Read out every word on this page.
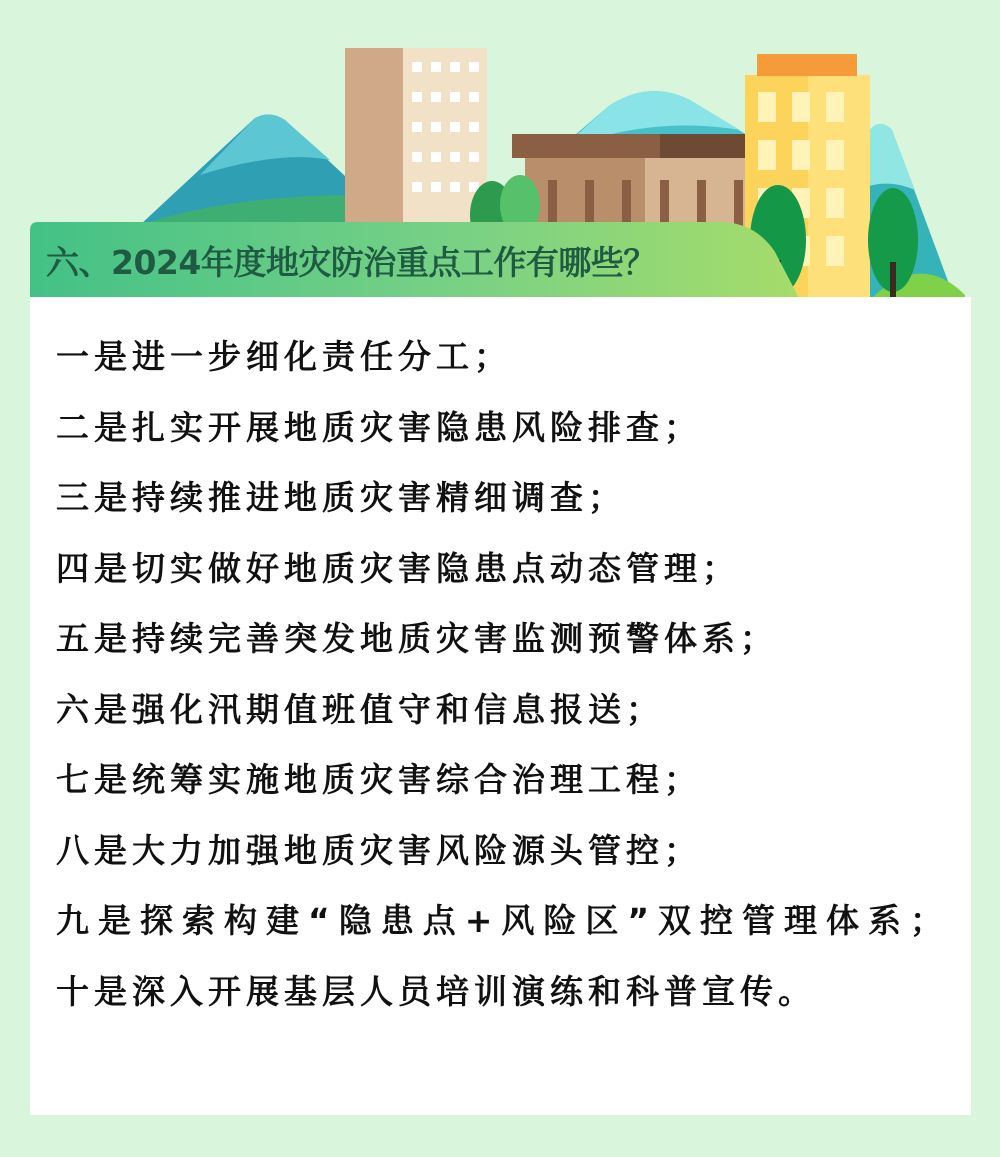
六、2024年度地灾防治重点工作有哪些？
一是进一步细化责任分工；
二是扎实开展地质灾害隐患风险排查；
三是持续推进地质灾害精细调查；
四是切实做好地质灾害隐患点动态管理；
五是持续完善突发地质灾害监测预警体系；
六是强化汛期值班值守和信息报送；
七是统筹实施地质灾害综合治理工程；
八是大力加强地质灾害风险源头管控；
九是探索构建“隐患点+风险区”双控管理体系；
十是深入开展基层人员培训演练和科普宣传。
